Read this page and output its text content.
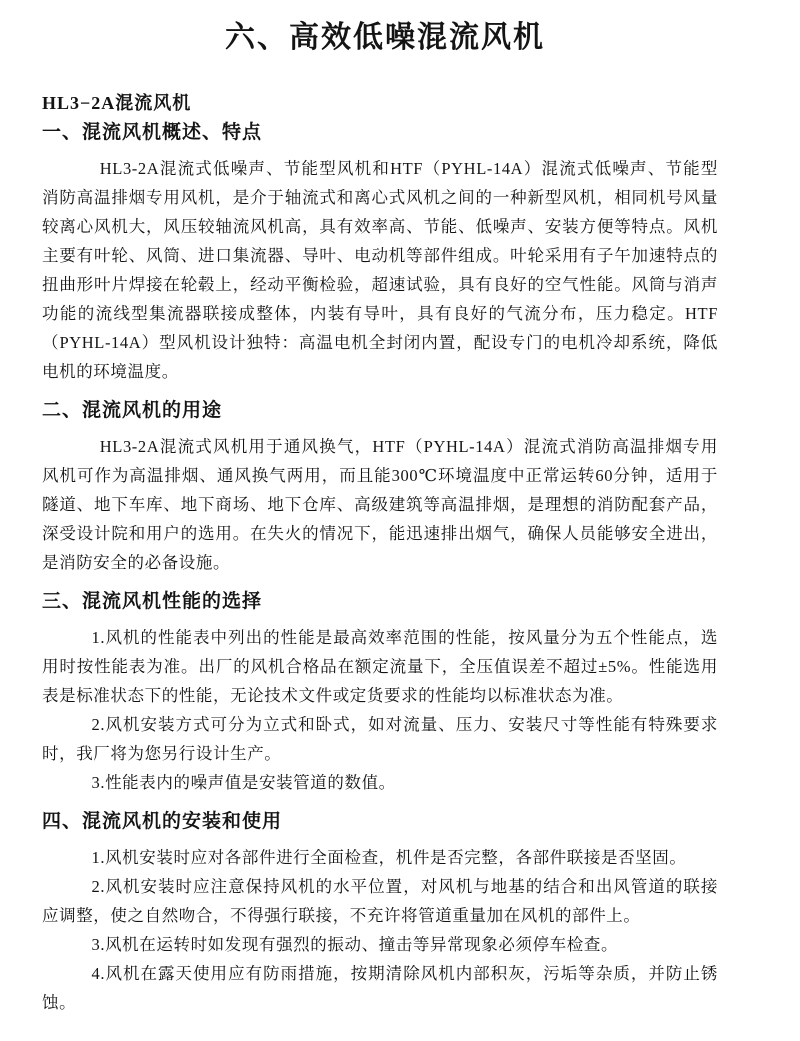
六、高效低噪混流风机

HL3−2A混流风机

一、混流风机概述、特点

HL3-2A混流式低噪声、节能型风机和HTF（PYHL-14A）混流式低噪声、节能型消防高温排烟专用风机，是介于轴流式和离心式风机之间的一种新型风机，相同机号风量较离心风机大，风压较轴流风机高，具有效率高、节能、低噪声、安装方便等特点。风机主要有叶轮、风筒、进口集流器、导叶、电动机等部件组成。叶轮采用有子午加速特点的扭曲形叶片焊接在轮毂上，经动平衡检验，超速试验，具有良好的空气性能。风筒与消声功能的流线型集流器联接成整体，内装有导叶，具有良好的气流分布，压力稳定。HTF（PYHL-14A）型风机设计独特：高温电机全封闭内置，配设专门的电机冷却系统，降低电机的环境温度。

二、混流风机的用途

HL3-2A混流式风机用于通风换气，HTF（PYHL-14A）混流式消防高温排烟专用风机可作为高温排烟、通风换气两用，而且能300℃环境温度中正常运转60分钟，适用于隧道、地下车库、地下商场、地下仓库、高级建筑等高温排烟，是理想的消防配套产品，深受设计院和用户的选用。在失火的情况下，能迅速排出烟气，确保人员能够安全进出，是消防安全的必备设施。

三、混流风机性能的选择

1.风机的性能表中列出的性能是最高效率范围的性能，按风量分为五个性能点，选用时按性能表为准。出厂的风机合格品在额定流量下，全压值误差不超过±5%。性能选用表是标准状态下的性能，无论技术文件或定货要求的性能均以标准状态为准。

2.风机安装方式可分为立式和卧式，如对流量、压力、安装尺寸等性能有特殊要求时，我厂将为您另行设计生产。

3.性能表内的噪声值是安装管道的数值。

四、混流风机的安装和使用

1.风机安装时应对各部件进行全面检查，机件是否完整，各部件联接是否坚固。

2.风机安装时应注意保持风机的水平位置，对风机与地基的结合和出风管道的联接应调整，使之自然吻合，不得强行联接，不充许将管道重量加在风机的部件上。

3.风机在运转时如发现有强烈的振动、撞击等异常现象必须停车检查。

4.风机在露天使用应有防雨措施，按期清除风机内部积灰，污垢等杂质，并防止锈蚀。
